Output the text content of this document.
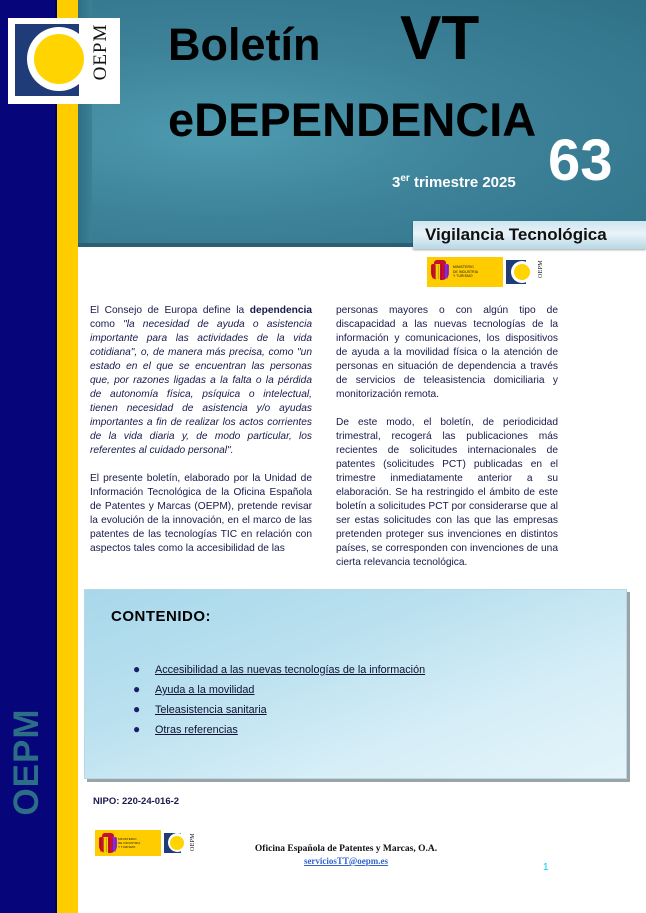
OEPM
OEPM Boletín VT
eDEPENDENCIA
63
3er trimestre 2025
Vigilancia Tecnológica
MINISTERIO
DE INDUSTRIA
Y TURISMO	OEPM

El Consejo de Europa define la dependencia como "la necesidad de ayuda o asistencia importante para las actividades de la vida cotidiana", o, de manera más precisa, como "un estado en el que se encuentran las personas que, por razones ligadas a la falta o la pérdida de autonomía física, psíquica o intelectual, tienen necesidad de asistencia y/o ayudas importantes a fin de realizar los actos corrientes de la vida diaria y, de modo particular, los referentes al cuidado personal".

El presente boletín, elaborado por la Unidad de Información Tecnológica de la Oficina Española de Patentes y Marcas (OEPM), pretende revisar la evolución de la innovación, en el marco de las patentes de las tecnologías TIC en relación con aspectos tales como la accesibilidad de las

personas mayores o con algún tipo de discapacidad a las nuevas tecnologías de la información y comunicaciones, los dispositivos de ayuda a la movilidad física o la atención de personas en situación de dependencia a través de servicios de teleasistencia domiciliaria y monitorización remota.

De este modo, el boletín, de periodicidad trimestral, recogerá las publicaciones más recientes de solicitudes internacionales de patentes (solicitudes PCT) publicadas en el trimestre inmediatamente anterior a su elaboración. Se ha restringido el ámbito de este boletín a solicitudes PCT por considerarse que al ser estas solicitudes con las que las empresas pretenden proteger sus invenciones en distintos países, se corresponden con invenciones de una cierta relevancia tecnológica.

CONTENIDO:
●	Accesibilidad a las nuevas tecnologías de la información
●	Ayuda a la movilidad
●	Teleasistencia sanitaria
●	Otras referencias
NIPO: 220-24-016-2
MINISTERIO
DE INDUSTRIA
Y TURISMO	OEPM	Oficina Española de Patentes y Marcas, O.A.
serviciosTT@oepm.es
1
